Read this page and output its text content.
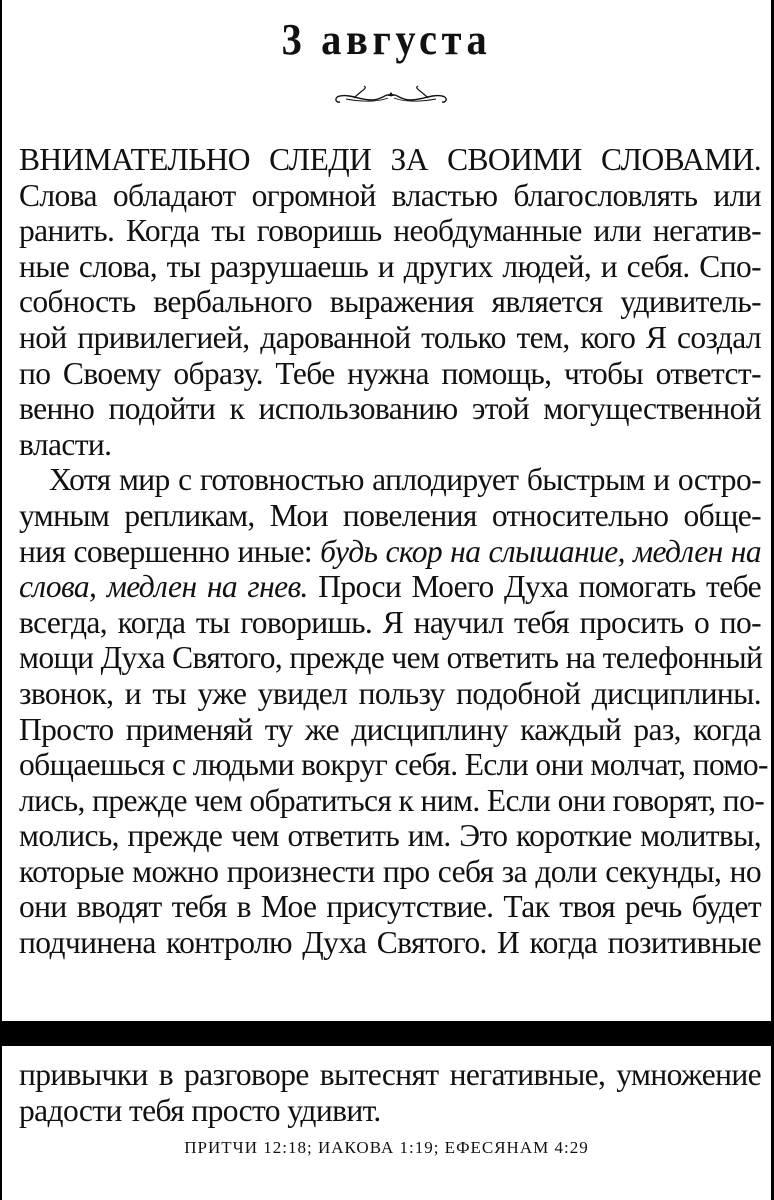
3 августа
ВНИМАТЕЛЬНО СЛЕДИ ЗА СВОИМИ СЛОВАМИ.
Слова обладают огромной властью благословлять или
ранить. Когда ты говоришь необдуманные или негатив-
ные слова, ты разрушаешь и других людей, и себя. Спо-
собность вербального выражения является удивитель-
ной привилегией, дарованной только тем, кого Я создал
по Своему образу. Тебе нужна помощь, чтобы ответст-
венно подойти к использованию этой могущественной
власти.
Хотя мир с готовностью аплодирует быстрым и остро-
умным репликам, Мои повеления относительно обще-
ния совершенно иные: будь скор на слышание, медлен на
слова, медлен на гнев. Проси Моего Духа помогать тебе
всегда, когда ты говоришь. Я научил тебя просить о по-
мощи Духа Святого, прежде чем ответить на телефонный
звонок, и ты уже увидел пользу подобной дисциплины.
Просто применяй ту же дисциплину каждый раз, когда
общаешься с людьми вокруг себя. Если они молчат, помо-
лись, прежде чем обратиться к ним. Если они говорят, по-
молись, прежде чем ответить им. Это короткие молитвы,
которые можно произнести про себя за доли секунды, но
они вводят тебя в Мое присутствие. Так твоя речь будет
подчинена контролю Духа Святого. И когда позитивные
привычки в разговоре вытеснят негативные, умножение
радости тебя просто удивит.
ПРИТЧИ 12:18; ИАКОВА 1:19; ЕФЕСЯНАМ 4:29
